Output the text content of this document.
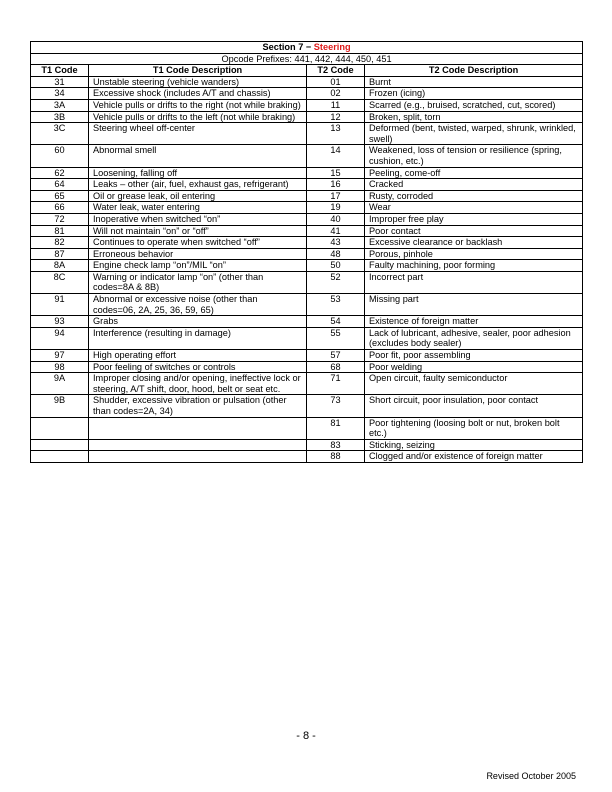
Section 7 − Steering			
Opcode Prefixes: 441, 442, 444, 450, 451			
T1 Code	T1 Code Description	T2 Code	T2 Code Description
31	Unstable steering (vehicle wanders)	01	Burnt
34	Excessive shock (includes A/T and chassis)	02	Frozen (icing)
3A	Vehicle pulls or drifts to the right (not while braking)	11	Scarred (e.g., bruised, scratched, cut, scored)
3B	Vehicle pulls or drifts to the left (not while braking)	12	Broken, split, torn
3C	Steering wheel off-center	13	Deformed (bent, twisted, warped, shrunk, wrinkled, swell)
60	Abnormal smell	14	Weakened, loss of tension or resilience (spring, cushion, etc.)
62	Loosening, falling off	15	Peeling, come-off
64	Leaks – other (air, fuel, exhaust gas, refrigerant)	16	Cracked
65	Oil or grease leak, oil entering	17	Rusty, corroded
66	Water leak, water entering	19	Wear
72	Inoperative when switched “on”	40	Improper free play
81	Will not maintain “on” or “off”	41	Poor contact
82	Continues to operate when switched “off”	43	Excessive clearance or backlash
87	Erroneous behavior	48	Porous, pinhole
8A	Engine check lamp “on”/MIL “on”	50	Faulty machining, poor forming
8C	Warning or indicator lamp “on” (other than codes=8A & 8B)	52	Incorrect part
91	Abnormal or excessive noise (other than codes=06, 2A, 25, 36, 59, 65)	53	Missing part
93	Grabs	54	Existence of foreign matter
94	Interference (resulting in damage)	55	Lack of lubricant, adhesive, sealer, poor adhesion (excludes body sealer)
97	High operating effort	57	Poor fit, poor assembling
98	Poor feeling of switches or controls	68	Poor welding
9A	Improper closing and/or opening, ineffective lock or steering, A/T shift, door, hood, belt or seat etc.	71	Open circuit, faulty semiconductor
9B	Shudder, excessive vibration or pulsation (other than codes=2A, 34)	73	Short circuit, poor insulation, poor contact
		81	Poor tightening (loosing bolt or nut, broken bolt etc.)
		83	Sticking, seizing
		88	Clogged and/or existence of foreign matter
- 8 -
Revised October 2005
